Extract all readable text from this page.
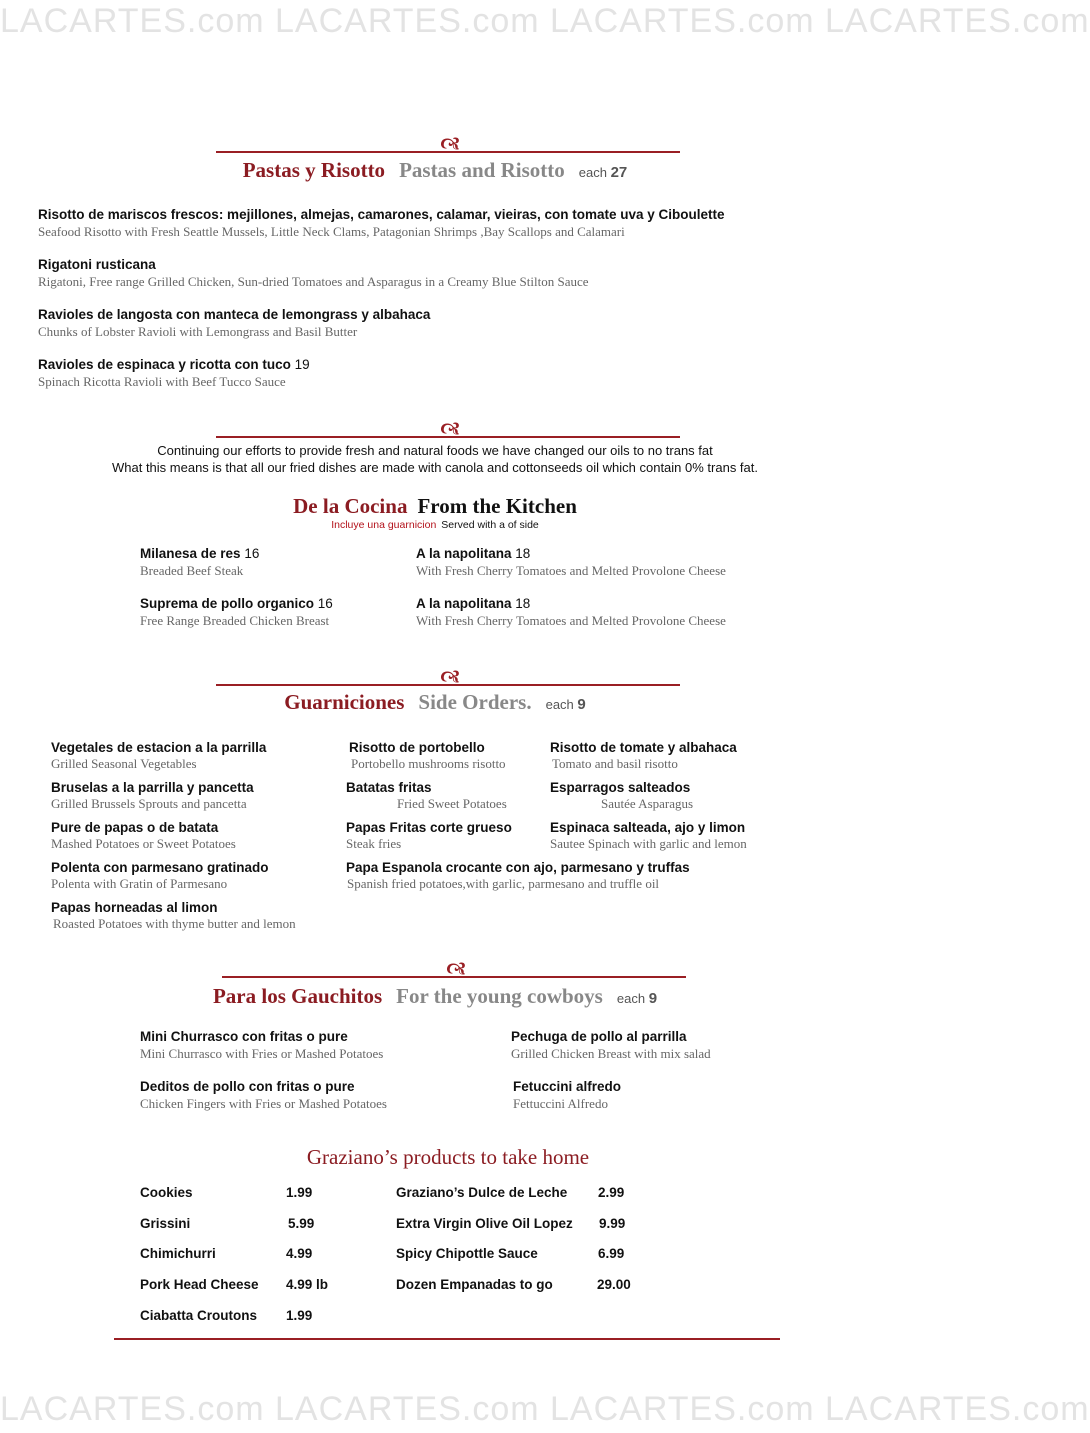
LACARTES.com LACARTES.com LACARTES.com LACARTES.com
LACARTES.com LACARTES.com LACARTES.com LACARTES.com
🙧
Pastas y Risotto Pastas and Risotto each 27
Risotto de mariscos frescos: mejillones, almejas, camarones, calamar, vieiras, con tomate uva y Ciboulette
Seafood Risotto with Fresh Seattle Mussels, Little Neck Clams, Patagonian Shrimps ,Bay Scallops and Calamari
Rigatoni rusticana
Rigatoni, Free range Grilled Chicken, Sun-dried Tomatoes and Asparagus in a Creamy Blue Stilton Sauce
Ravioles de langosta con manteca de lemongrass y albahaca
Chunks of Lobster Ravioli with Lemongrass and Basil Butter
Ravioles de espinaca y ricotta con tuco 19
Spinach Ricotta Ravioli with Beef Tucco Sauce
🙧
Continuing our efforts to provide fresh and natural foods we have changed our oils to no trans fat
What this means is that all our fried dishes are made with canola and cottonseeds oil which contain 0% trans fat.
De la Cocina From the Kitchen
Incluye una guarnicion Served with a of side
Milanesa de res 16
Breaded Beef Steak
A la napolitana 18
With Fresh Cherry Tomatoes and Melted Provolone Cheese
Suprema de pollo organico 16
Free Range Breaded Chicken Breast
A la napolitana 18
With Fresh Cherry Tomatoes and Melted Provolone Cheese
🙧
Guarniciones Side Orders. each 9
Vegetales de estacion a la parrilla
Grilled Seasonal Vegetables
Risotto de portobello
Portobello mushrooms risotto
Risotto de tomate y albahaca
Tomato and basil risotto
Bruselas a la parrilla y pancetta
Grilled Brussels Sprouts and pancetta
Batatas fritas
Fried Sweet Potatoes
Esparragos salteados
Sautée Asparagus
Pure de papas o de batata
Mashed Potatoes or Sweet Potatoes
Papas Fritas corte grueso
Steak fries
Espinaca salteada, ajo y limon
Sautee Spinach with garlic and lemon
Polenta con parmesano gratinado
Polenta with Gratin of Parmesano
Papa Espanola crocante con ajo, parmesano y truffas
Spanish fried potatoes,with garlic, parmesano and truffle oil
Papas horneadas al limon
Roasted Potatoes with thyme butter and lemon
🙧
Para los Gauchitos For the young cowboys each 9
Mini Churrasco con fritas o pure
Mini Churrasco with Fries or Mashed Potatoes
Pechuga de pollo al parrilla
Grilled Chicken Breast with mix salad
Deditos de pollo con fritas o pure
Chicken Fingers with Fries or Mashed Potatoes
Fetuccini alfredo
Fettuccini Alfredo
Graziano’s products to take home
Cookies	1.99
Grissini	5.99
Chimichurri	4.99
Pork Head Cheese 4.99 lb
Ciabatta Croutons 1.99
Graziano’s Dulce de Leche 2.99
Extra Virgin Olive Oil Lopez 9.99
Spicy Chipottle Sauce	6.99
Dozen Empanadas to go	29.00
